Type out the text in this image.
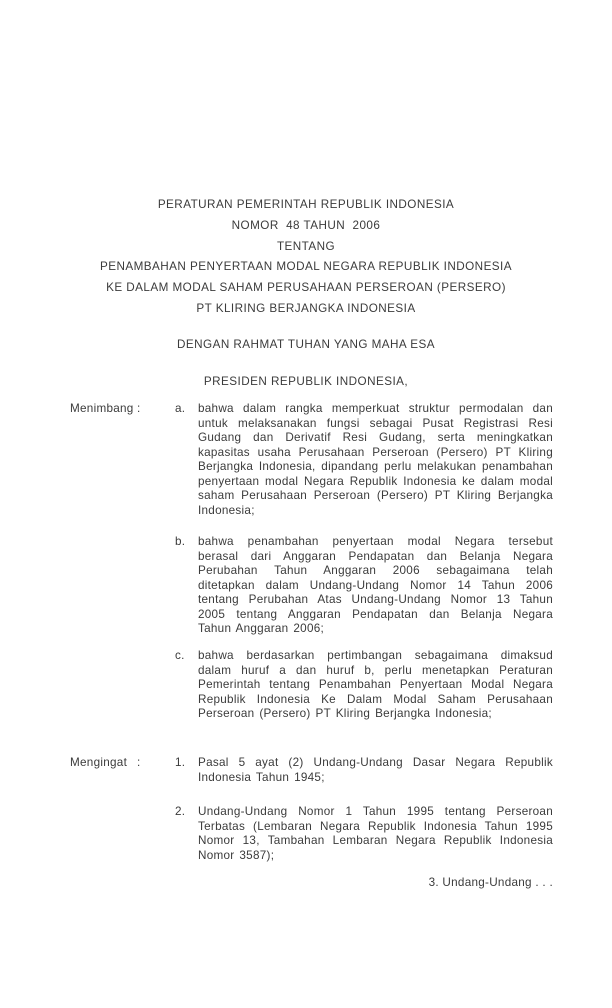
PERATURAN PEMERINTAH REPUBLIK INDONESIA
NOMOR  48 TAHUN  2006
TENTANG
PENAMBAHAN PENYERTAAN MODAL NEGARA REPUBLIK INDONESIA
KE DALAM MODAL SAHAM PERUSAHAAN PERSEROAN (PERSERO)
PT KLIRING BERJANGKA INDONESIA
DENGAN RAHMAT TUHAN YANG MAHA ESA
PRESIDEN REPUBLIK INDONESIA,
Menimbang :	a.	bahwa dalam rangka memperkuat struktur permodalan dan untuk melaksanakan fungsi sebagai Pusat Registrasi Resi Gudang dan Derivatif Resi Gudang, serta meningkatkan kapasitas usaha Perusahaan Perseroan (Persero) PT Kliring Berjangka Indonesia, dipandang perlu melakukan penambahan penyertaan modal Negara Republik Indonesia ke dalam modal saham Perusahaan Perseroan (Persero) PT Kliring Berjangka Indonesia;
b.	bahwa penambahan penyertaan modal Negara tersebut berasal dari Anggaran Pendapatan dan Belanja Negara Perubahan Tahun Anggaran 2006 sebagaimana telah ditetapkan dalam Undang-Undang Nomor 14 Tahun 2006 tentang Perubahan Atas Undang-Undang Nomor 13 Tahun 2005 tentang Anggaran Pendapatan dan Belanja Negara Tahun Anggaran 2006;
c.	bahwa berdasarkan pertimbangan sebagaimana dimaksud dalam huruf a dan huruf b, perlu menetapkan Peraturan Pemerintah tentang Penambahan Penyertaan Modal Negara Republik Indonesia Ke Dalam Modal Saham Perusahaan Perseroan (Persero) PT Kliring Berjangka Indonesia;
Mengingat :	1.	Pasal 5 ayat (2) Undang-Undang Dasar Negara Republik Indonesia Tahun 1945;
2.	Undang-Undang Nomor 1 Tahun 1995 tentang Perseroan Terbatas (Lembaran Negara Republik Indonesia Tahun 1995 Nomor 13, Tambahan Lembaran Negara Republik Indonesia Nomor 3587);
3. Undang-Undang . . .
